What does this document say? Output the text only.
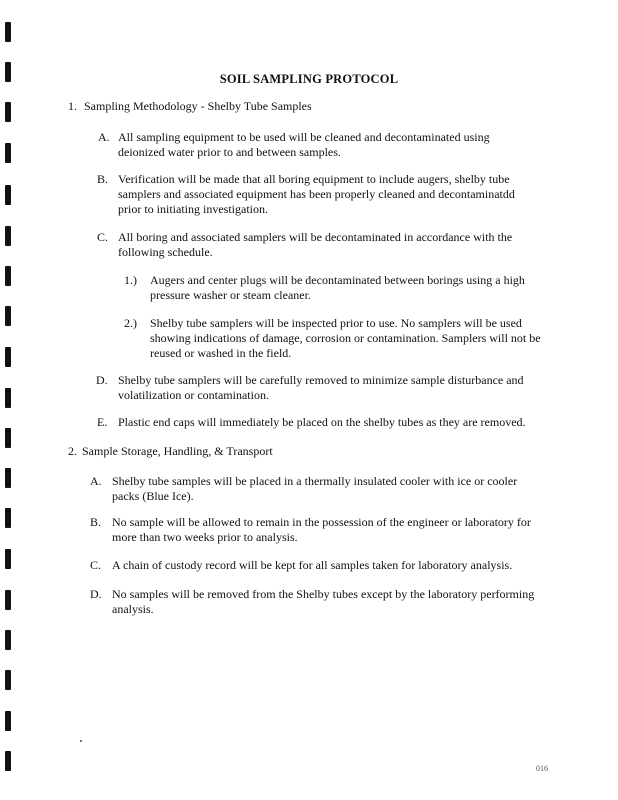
SOIL SAMPLING PROTOCOL
1. Sampling Methodology - Shelby Tube Samples
A. All sampling equipment to be used will be cleaned and decontaminated using deionized water prior to and between samples.
B. Verification will be made that all boring equipment to include augers, shelby tube samplers and associated equipment has been properly cleaned and decontaminatdd prior to initiating investigation.
C. All boring and associated samplers will be decontaminated in accordance with the following schedule.
1.) Augers and center plugs will be decontaminated between borings using a high pressure washer or steam cleaner.
2.) Shelby tube samplers will be inspected prior to use. No samplers will be used showing indications of damage, corrosion or contamination. Samplers will not be reused or washed in the field.
D. Shelby tube samplers will be carefully removed to minimize sample disturbance and volatilization or contamination.
E. Plastic end caps will immediately be placed on the shelby tubes as they are removed.
2. Sample Storage, Handling, & Transport
A. Shelby tube samples will be placed in a thermally insulated cooler with ice or cooler packs (Blue Ice).
B. No sample will be allowed to remain in the possession of the engineer or laboratory for more than two weeks prior to analysis.
C. A chain of custody record will be kept for all samples taken for laboratory analysis.
D. No samples will be removed from the Shelby tubes except by the laboratory performing analysis.
016
